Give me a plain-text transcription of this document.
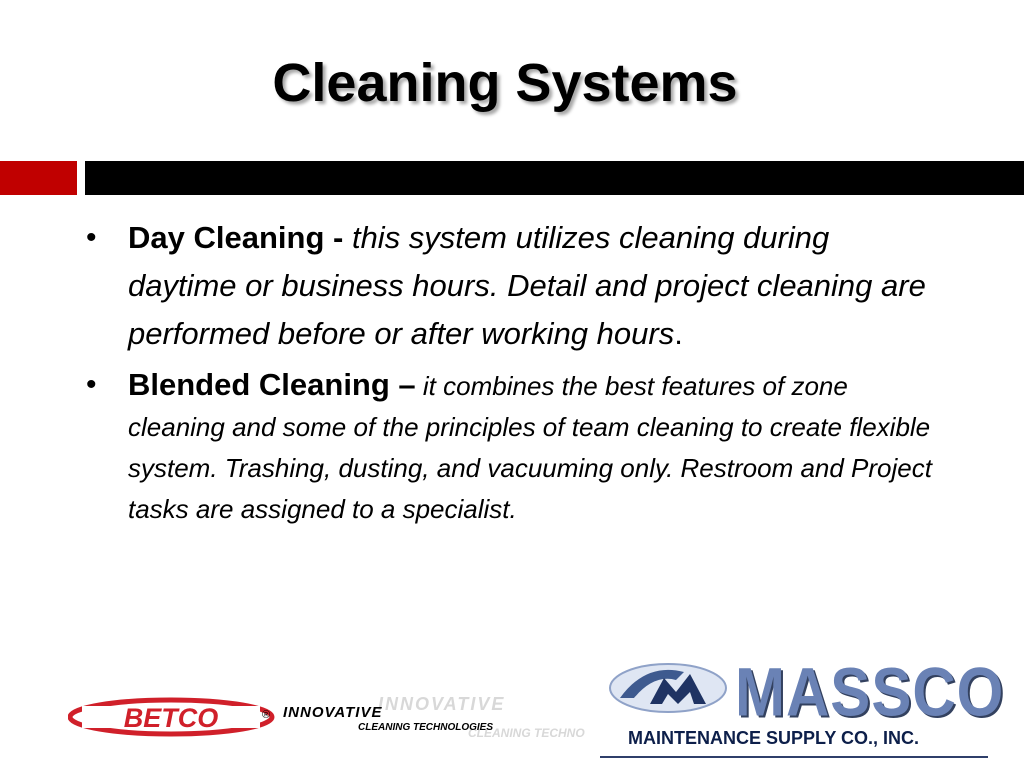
Cleaning Systems
• Day Cleaning - this system utilizes cleaning during daytime or business hours. Detail and project cleaning are performed before or after working hours.
• Blended Cleaning – it combines the best features of zone cleaning and some of the principles of team cleaning to create flexible system. Trashing, dusting, and vacuuming only. Restroom and Project tasks are assigned to a specialist.
BETCO	®
INNOVATIVE
CLEANING TECHNO
INNOVATIVE
CLEANING TECHNOLOGIES	MASSCO
MAINTENANCE SUPPLY CO., INC.
